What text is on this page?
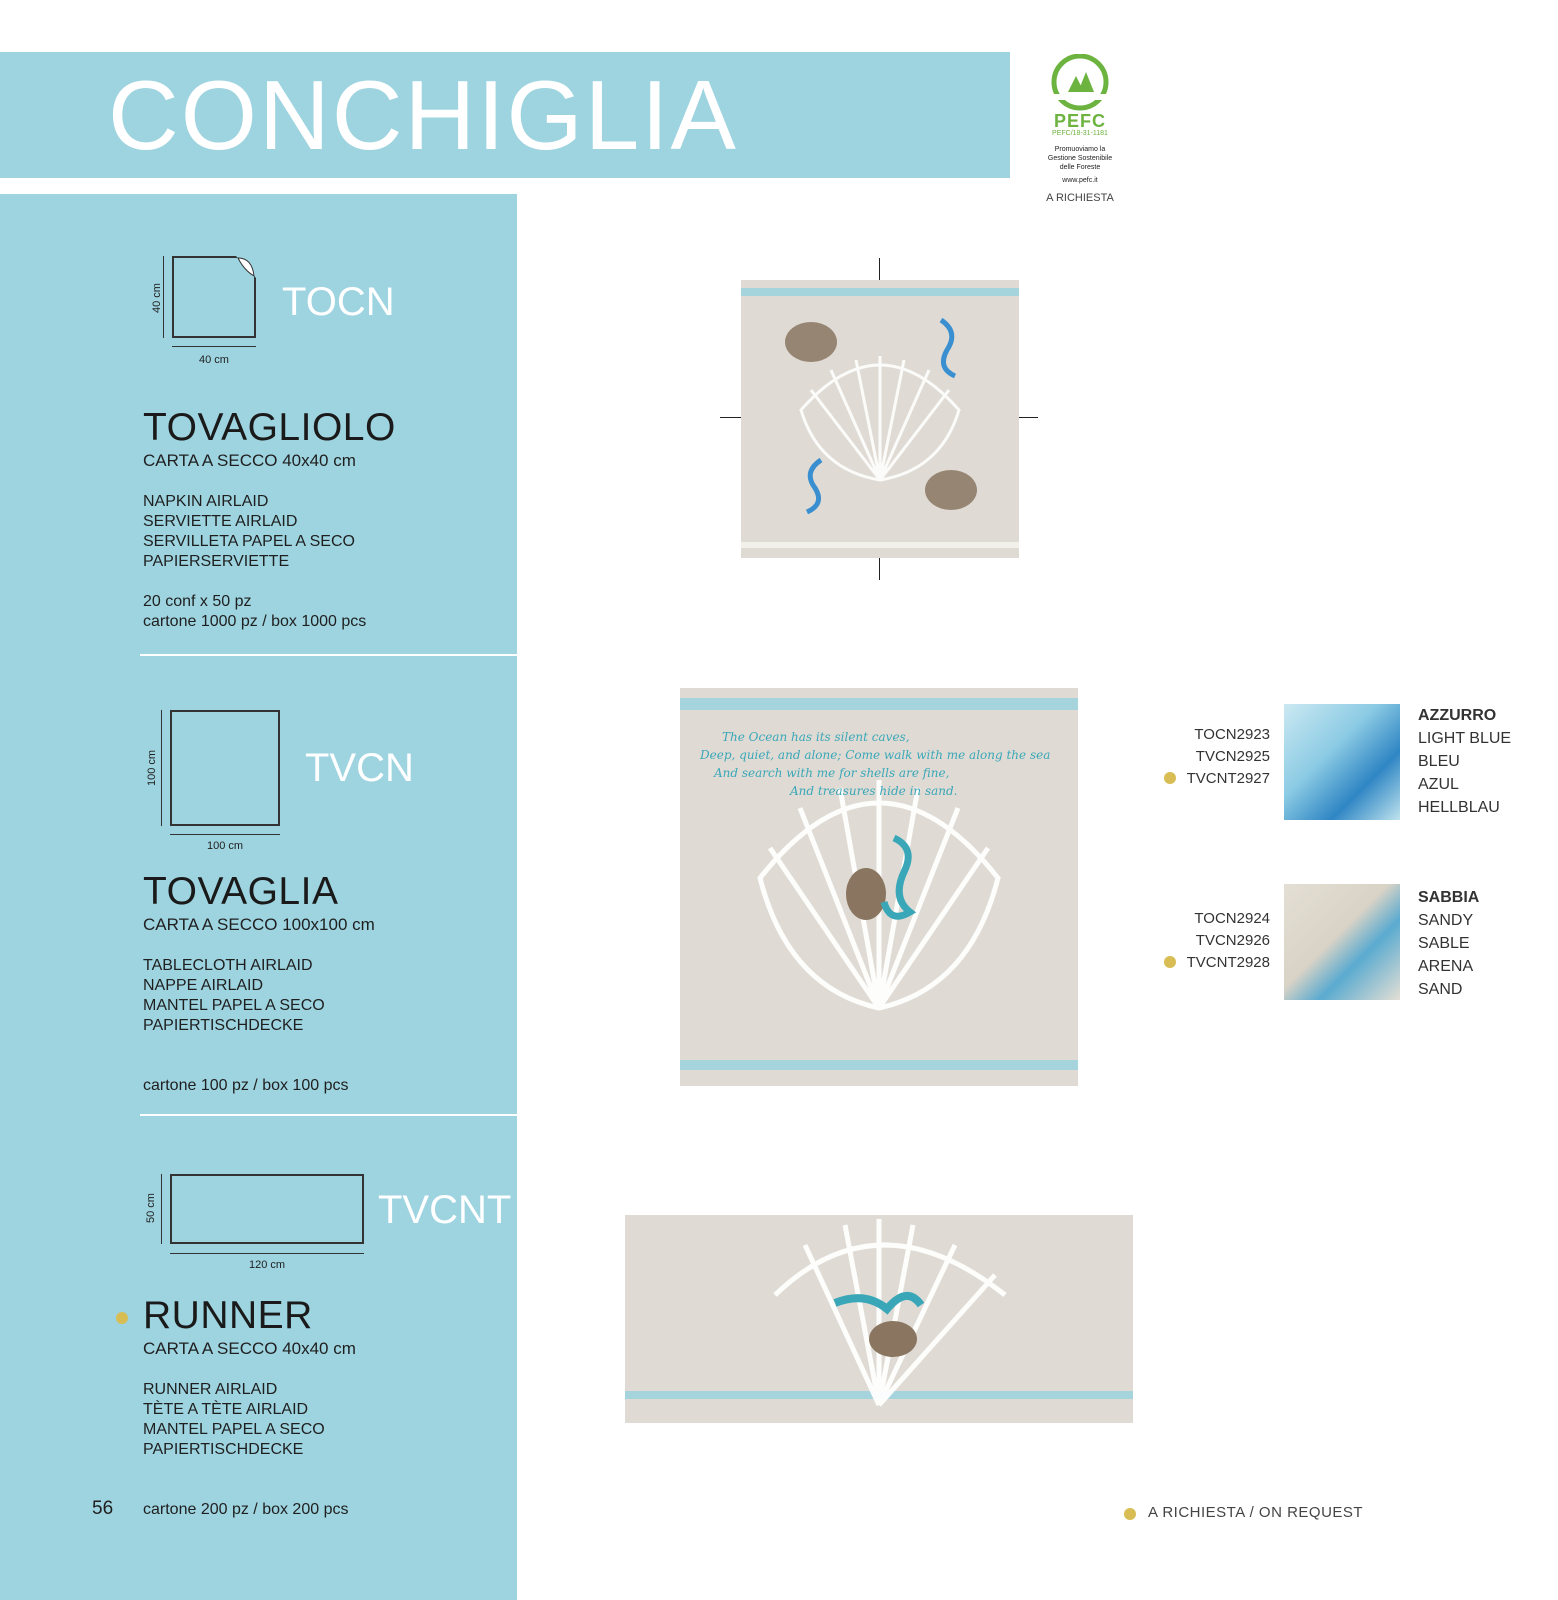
CONCHIGLIA	PEFC
PEFC/18-31-1181
Promuoviamo la
Gestione Sostenibile
delle Foreste
www.pefc.it
A RICHIESTA
40 cm
40 cm	TOCN
TOVAGLIOLO
CARTA A SECCO 40x40 cm
NAPKIN AIRLAID
SERVIETTE AIRLAID
SERVILLETA PAPEL A SECO
PAPIERSERVIETTE
20 conf x 50 pz
cartone 1000 pz / box 1000 pcs
100 cm
100 cm	TVCN
TOVAGLIA
CARTA A SECCO 100x100 cm
TABLECLOTH AIRLAID
NAPPE AIRLAID
MANTEL PAPEL A SECO
PAPIERTISCHDECKE
cartone 100 pz / box 100 pcs
120 cm
50 cm	TVCNT
RUNNER
CARTA A SECCO 40x40 cm
RUNNER AIRLAID
TÈTE A TÈTE AIRLAID
MANTEL PAPEL A SECO
PAPIERTISCHDECKE
cartone 200 pz / box 200 pcs
56
The Ocean has its silent caves,
Deep, quiet, and alone; Come walk with me along the sea
And search with me for shells are fine,
And treasures hide in sand.
TOCN2923
TVCN2925
TVCNT2927
AZZURRO
LIGHT BLUE
BLEU
AZUL
HELLBLAU
TOCN2924
TVCN2926
TVCNT2928
SABBIA
SANDY
SABLE
ARENA
SAND
A RICHIESTA / ON REQUEST
